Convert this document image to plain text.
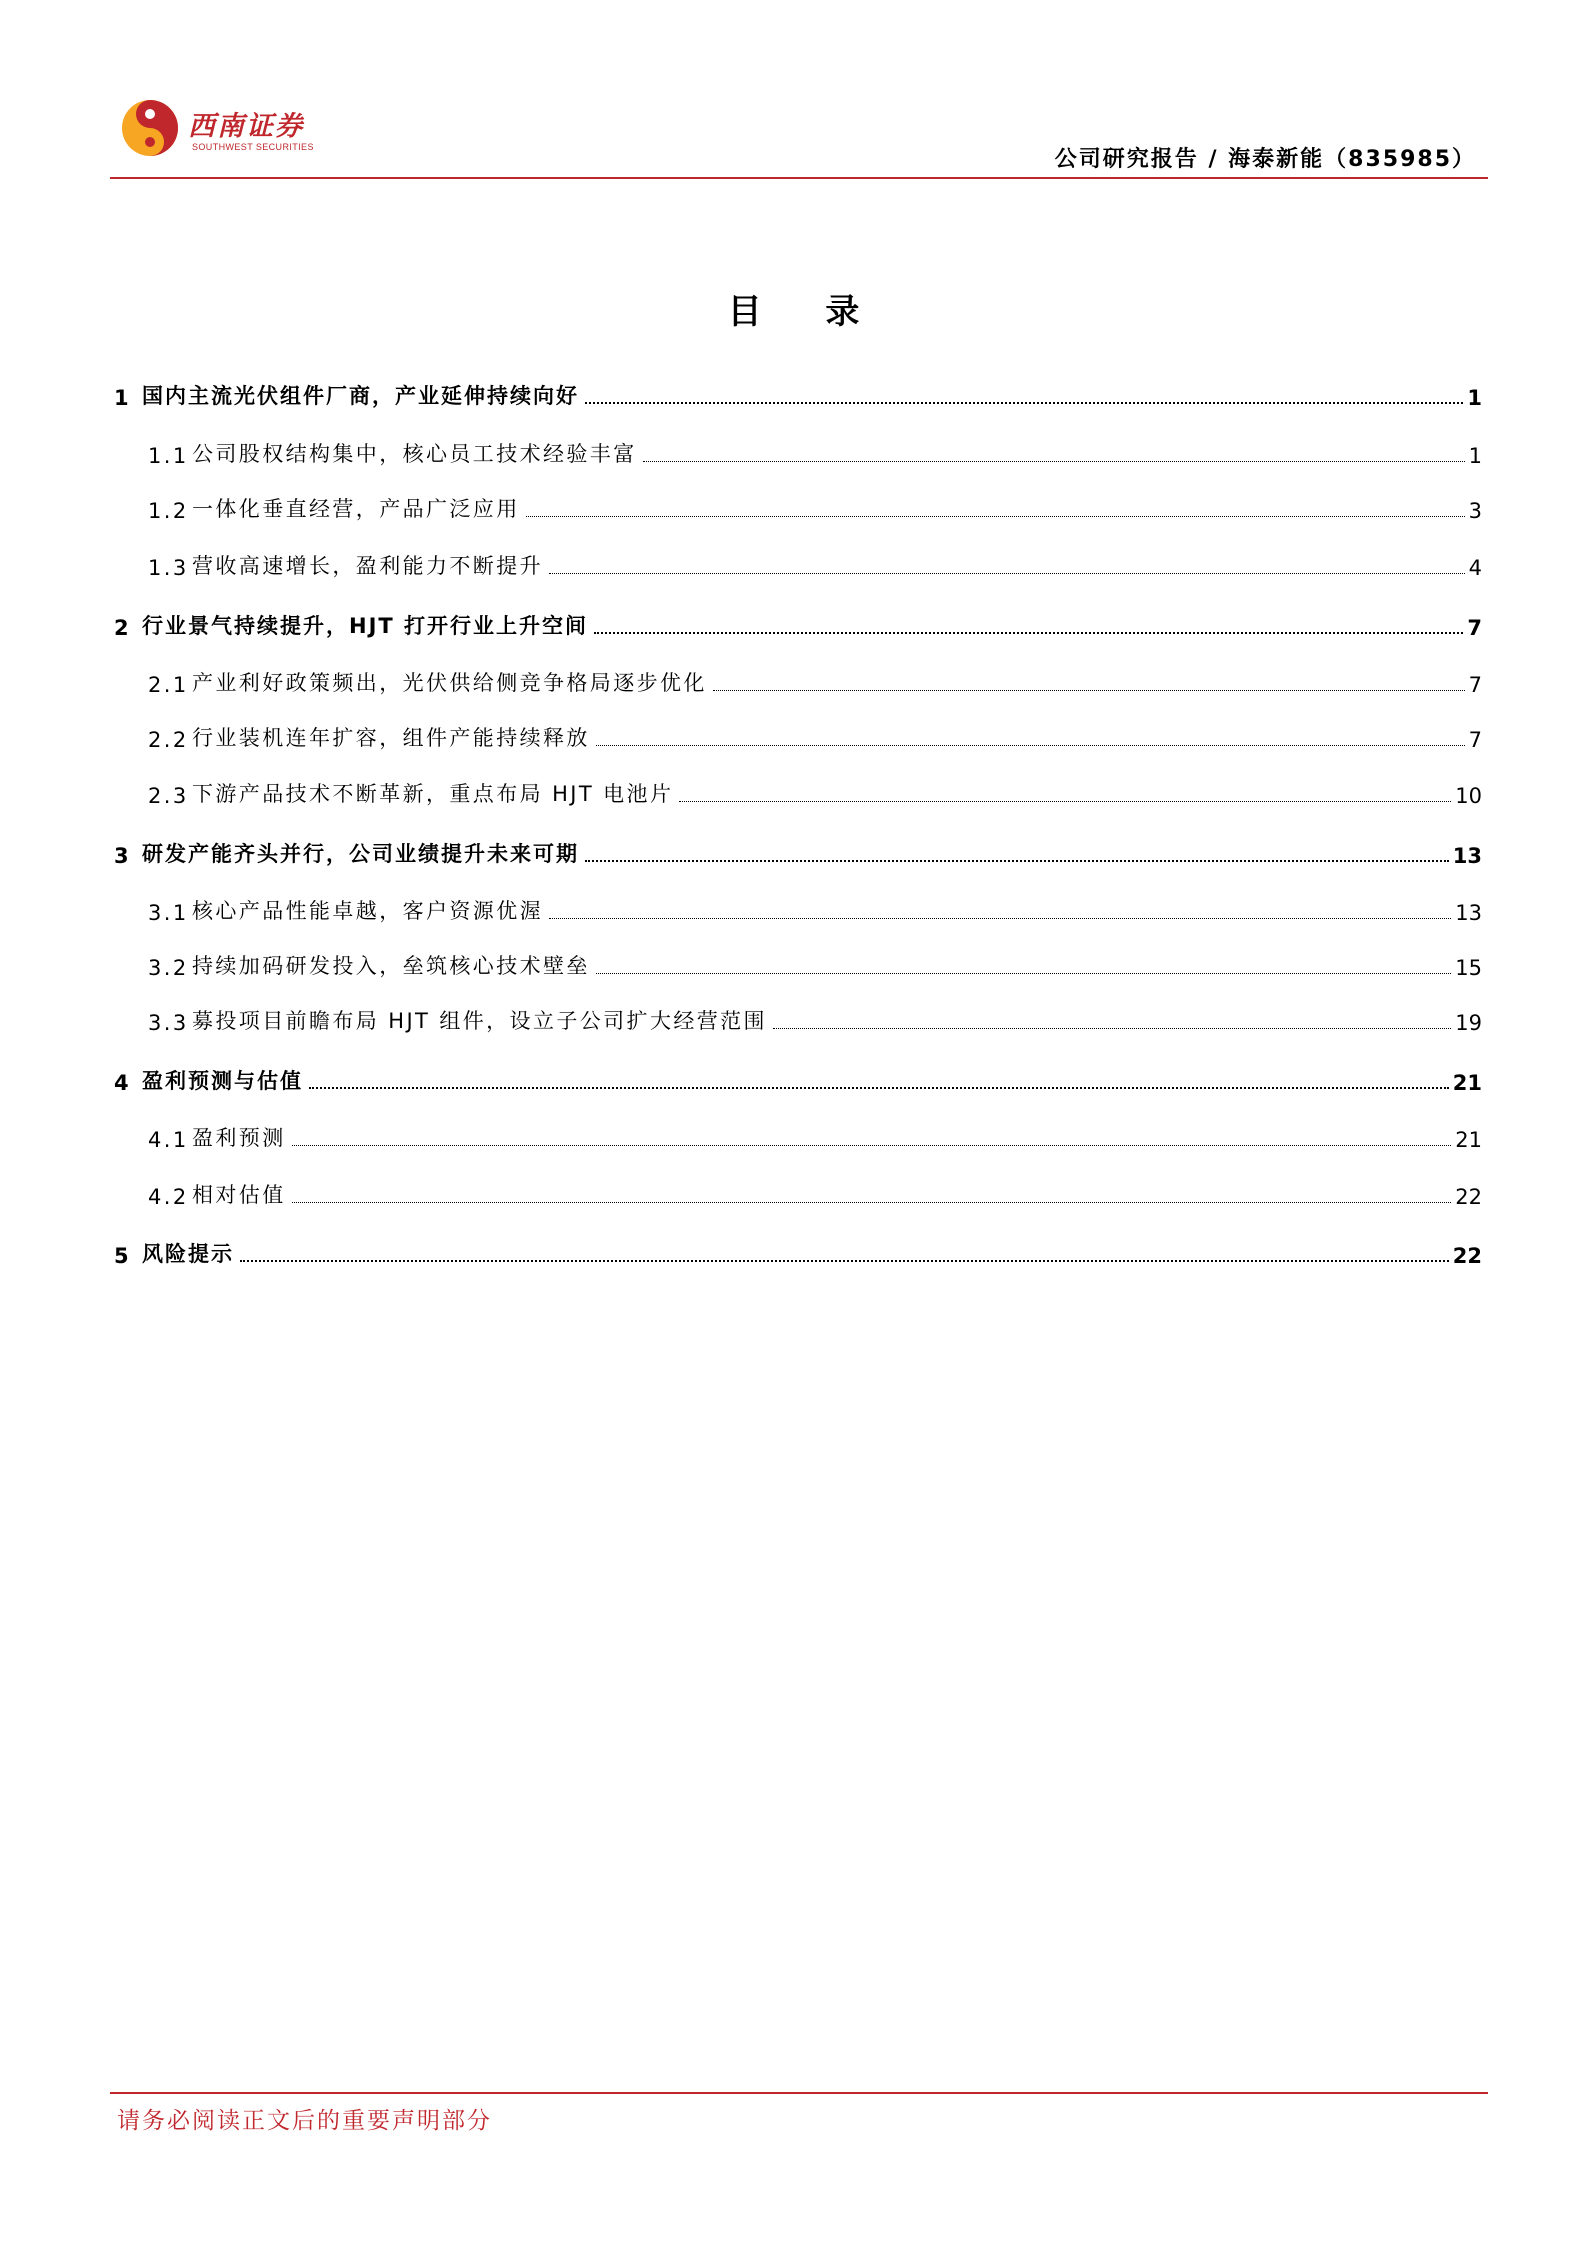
西南证券
SOUTHWEST SECURITIES	公司研究报告 / 海泰新能（835985）
目 录
1 国内主流光伏组件厂商，产业延伸持续向好	1
1.1 公司股权结构集中，核心员工技术经验丰富	1
1.2 一体化垂直经营，产品广泛应用	3
1.3 营收高速增长，盈利能力不断提升	4
2 行业景气持续提升，HJT 打开行业上升空间	7
2.1 产业利好政策频出，光伏供给侧竞争格局逐步优化	7
2.2 行业装机连年扩容，组件产能持续释放	7
2.3 下游产品技术不断革新，重点布局 HJT 电池片	10
3 研发产能齐头并行，公司业绩提升未来可期	13
3.1 核心产品性能卓越，客户资源优渥	13
3.2 持续加码研发投入，垒筑核心技术壁垒	15
3.3 募投项目前瞻布局 HJT 组件，设立子公司扩大经营范围	19
4 盈利预测与估值	21
4.1 盈利预测	21
4.2 相对估值	22
5 风险提示	22
请务必阅读正文后的重要声明部分
